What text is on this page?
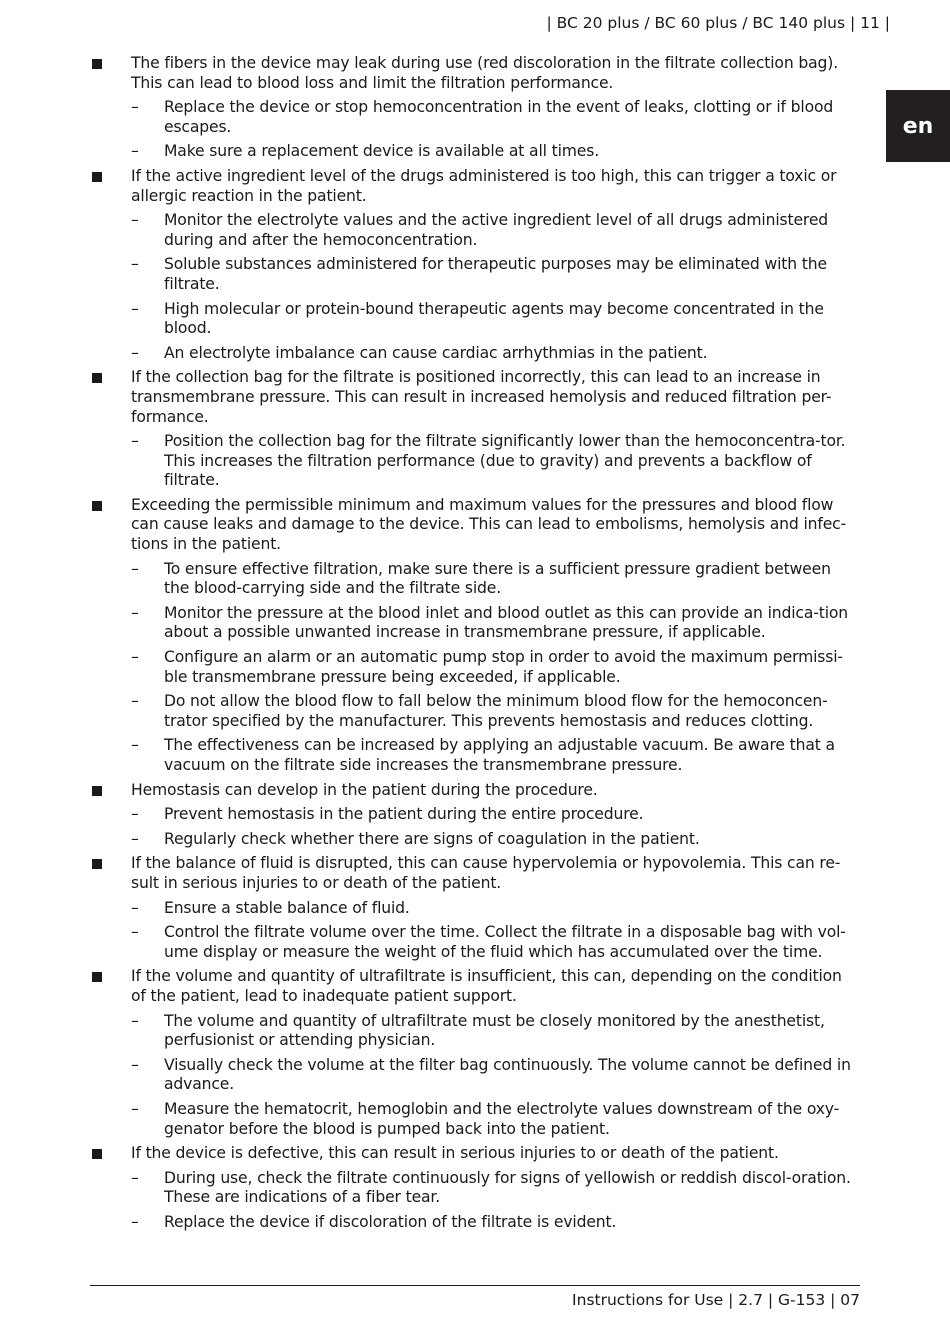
| BC 20 plus / BC 60 plus / BC 140 plus | 11 |
en
The fibers in the device may leak during use (red discoloration in the filtrate collection bag). This can lead to blood loss and limit the filtration performance.
– Replace the device or stop hemoconcentration in the event of leaks, clotting or if blood escapes.
– Make sure a replacement device is available at all times.
If the active ingredient level of the drugs administered is too high, this can trigger a toxic or allergic reaction in the patient.
– Monitor the electrolyte values and the active ingredient level of all drugs administered during and after the hemoconcentration.
– Soluble substances administered for therapeutic purposes may be eliminated with the filtrate.
– High molecular or protein-bound therapeutic agents may become concentrated in the blood.
– An electrolyte imbalance can cause cardiac arrhythmias in the patient.
If the collection bag for the filtrate is positioned incorrectly, this can lead to an increase in transmembrane pressure. This can result in increased hemolysis and reduced filtration per-formance.
– Position the collection bag for the filtrate significantly lower than the hemoconcentra-tor. This increases the filtration performance (due to gravity) and prevents a backflow of filtrate.
Exceeding the permissible minimum and maximum values for the pressures and blood flow can cause leaks and damage to the device. This can lead to embolisms, hemolysis and infec-tions in the patient.
– To ensure effective filtration, make sure there is a sufficient pressure gradient between the blood-carrying side and the filtrate side.
– Monitor the pressure at the blood inlet and blood outlet as this can provide an indica-tion about a possible unwanted increase in transmembrane pressure, if applicable.
– Configure an alarm or an automatic pump stop in order to avoid the maximum permissi-ble transmembrane pressure being exceeded, if applicable.
– Do not allow the blood flow to fall below the minimum blood flow for the hemoconcen-trator specified by the manufacturer. This prevents hemostasis and reduces clotting.
– The effectiveness can be increased by applying an adjustable vacuum. Be aware that a vacuum on the filtrate side increases the transmembrane pressure.
Hemostasis can develop in the patient during the procedure.
– Prevent hemostasis in the patient during the entire procedure.
– Regularly check whether there are signs of coagulation in the patient.
If the balance of fluid is disrupted, this can cause hypervolemia or hypovolemia. This can re-sult in serious injuries to or death of the patient.
– Ensure a stable balance of fluid.
– Control the filtrate volume over the time. Collect the filtrate in a disposable bag with vol-ume display or measure the weight of the fluid which has accumulated over the time.
If the volume and quantity of ultrafiltrate is insufficient, this can, depending on the condition of the patient, lead to inadequate patient support.
– The volume and quantity of ultrafiltrate must be closely monitored by the anesthetist, perfusionist or attending physician.
– Visually check the volume at the filter bag continuously. The volume cannot be defined in advance.
– Measure the hematocrit, hemoglobin and the electrolyte values downstream of the oxy-genator before the blood is pumped back into the patient.
If the device is defective, this can result in serious injuries to or death of the patient.
– During use, check the filtrate continuously for signs of yellowish or reddish discol-oration. These are indications of a fiber tear.
– Replace the device if discoloration of the filtrate is evident.
Instructions for Use | 2.7 | G-153 | 07
